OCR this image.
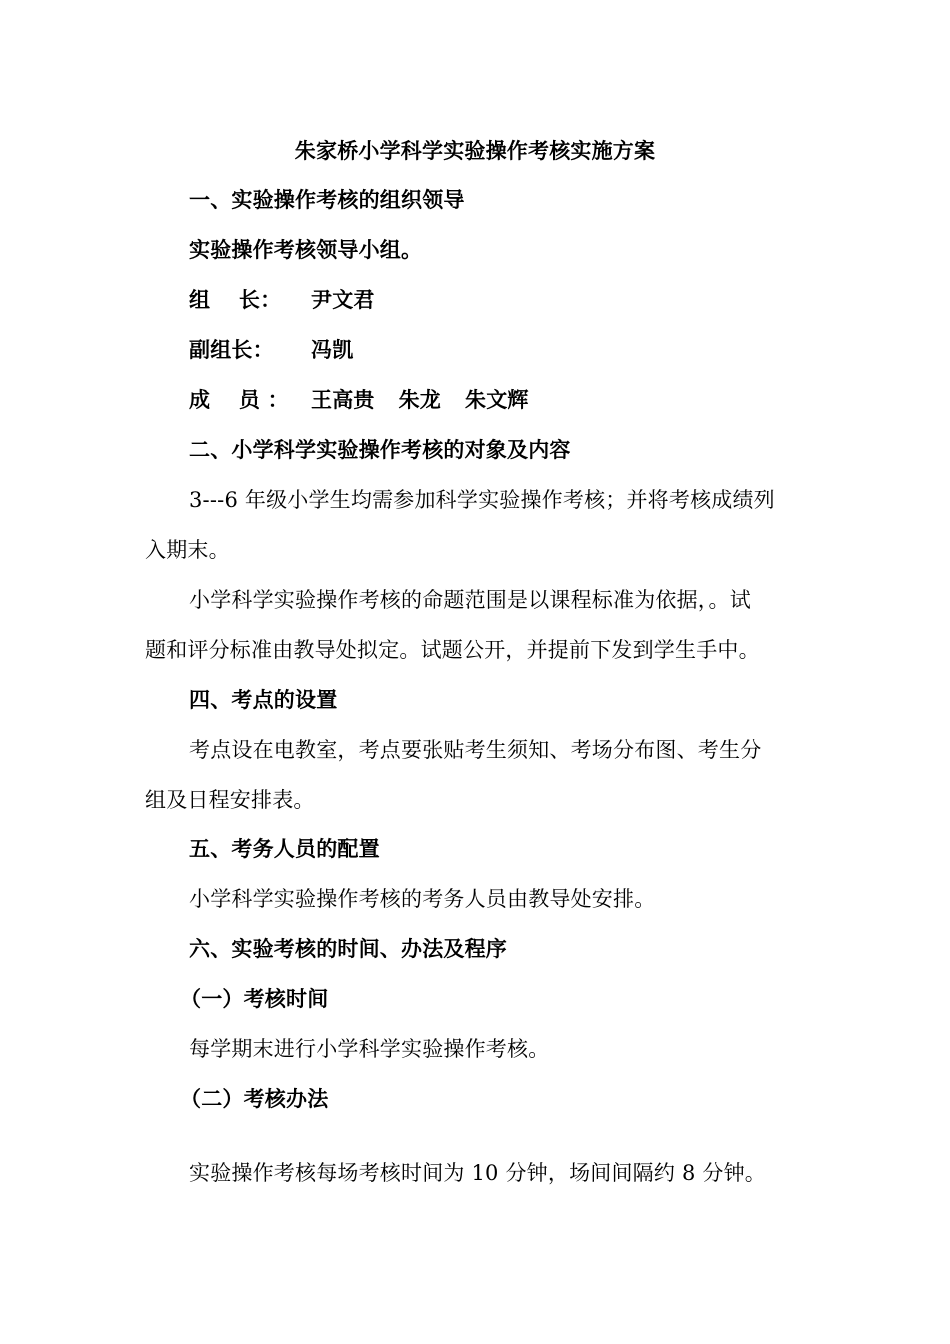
朱家桥小学科学实验操作考核实施方案
一、实验操作考核的组织领导
实验操作考核领导小组。
组　 长： 尹文君
副组长： 冯凯
成　 员 ： 王高贵 朱龙 朱文辉
二、小学科学实验操作考核的对象及内容
3---6 年级小学生均需参加科学实验操作考核；并将考核成绩列
入期末。
小学科学实验操作考核的命题范围是以课程标准为依据，。试
题和评分标准由教导处拟定。试题公开，并提前下发到学生手中。
四、考点的设置
考点设在电教室，考点要张贴考生须知、考场分布图、考生分
组及日程安排表。
五、考务人员的配置
小学科学实验操作考核的考务人员由教导处安排。
六、实验考核的时间、办法及程序
（一）考核时间
每学期末进行小学科学实验操作考核。
（二）考核办法
实验操作考核每场考核时间为 10 分钟，场间间隔约 8 分钟。
